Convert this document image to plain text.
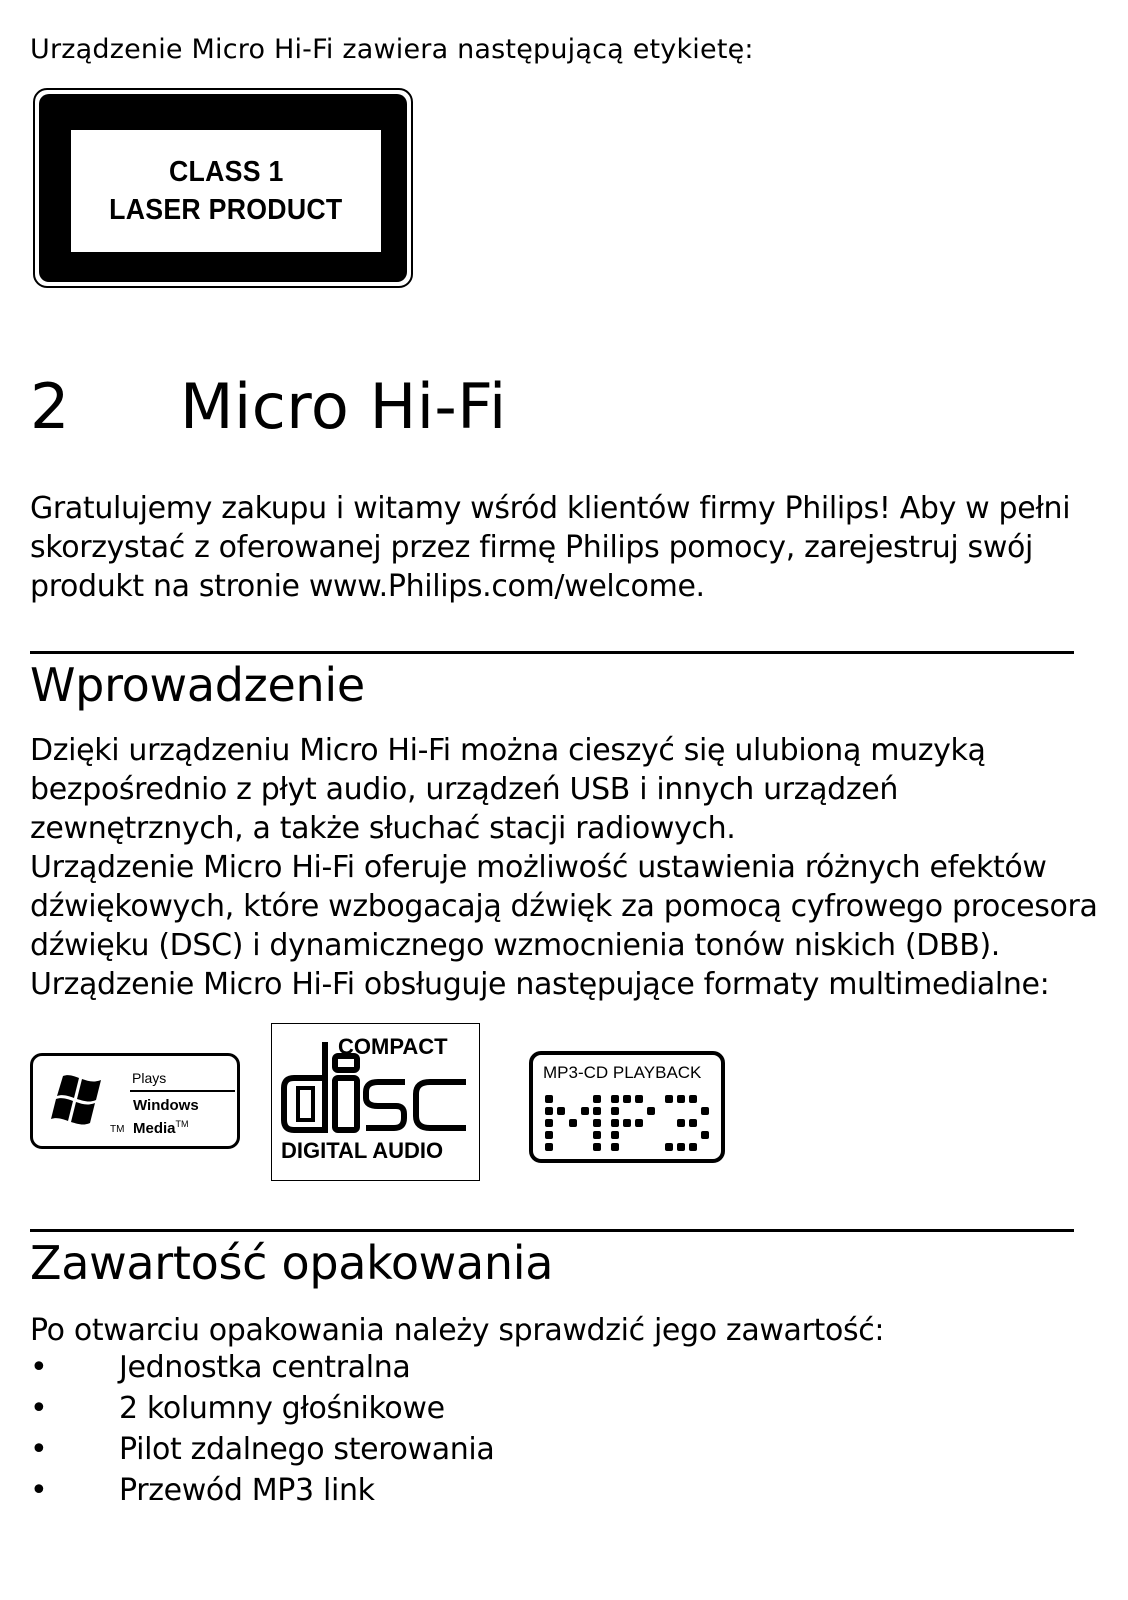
Urządzenie Micro Hi-Fi zawiera następującą etykietę:
CLASS 1
LASER PRODUCT
2 Micro Hi-Fi
Gratulujemy zakupu i witamy wśród klientów firmy Philips! Aby w pełni
skorzystać z oferowanej przez firmę Philips pomocy, zarejestruj swój
produkt na stronie www.Philips.com/welcome.
Wprowadzenie
Dzięki urządzeniu Micro Hi-Fi można cieszyć się ulubioną muzyką
bezpośrednio z płyt audio, urządzeń USB i innych urządzeń
zewnętrznych, a także słuchać stacji radiowych.
Urządzenie Micro Hi-Fi oferuje możliwość ustawienia różnych efektów
dźwiękowych, które wzbogacają dźwięk za pomocą cyfrowego procesora
dźwięku (DSC) i dynamicznego wzmocnienia tonów niskich (DBB).
Urządzenie Micro Hi-Fi obsługuje następujące formaty multimedialne:
TM
Plays
Windows
Media™
COMPACT
DIGITAL AUDIO
MP3-CD PLAYBACK
Zawartość opakowania
Po otwarciu opakowania należy sprawdzić jego zawartość:
• Jednostka centralna
• 2 kolumny głośnikowe
• Pilot zdalnego sterowania
• Przewód MP3 link
